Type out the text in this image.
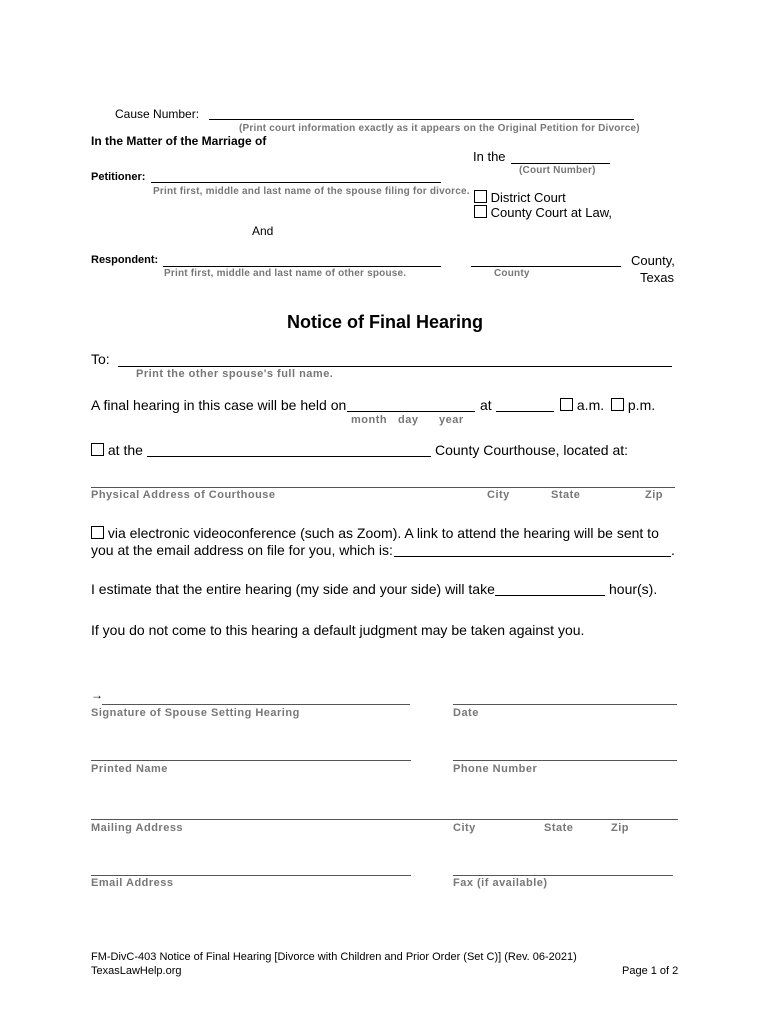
Cause Number:
(Print court information exactly as it appears on the Original Petition for Divorce)
In the Matter of the Marriage of
Petitioner:
Print first, middle and last name of the spouse filing for divorce.
And
Respondent:
Print first, middle and last name of other spouse.
In the
(Court Number)
District Court
County Court at Law,
County
County,
Texas
Notice of Final Hearing
To:
Print the other spouse's full name.
A final hearing in this case will be held on	at	a.m.	p.m.
month day year
at the	County Courthouse, located at:
Physical Address of Courthouse	City	State	Zip
via electronic videoconference (such as Zoom). A link to attend the hearing will be sent to
you at the email address on file for you, which is:	.
I estimate that the entire hearing (my side and your side) will take	hour(s).
If you do not come to this hearing a default judgment may be taken against you.
→
Signature of Spouse Setting Hearing	Date
Printed Name	Phone Number
Mailing Address	City	State	Zip
Email Address	Fax (if available)
FM-DivC-403 Notice of Final Hearing [Divorce with Children and Prior Order (Set C)] (Rev. 06-2021)
TexasLawHelp.org	Page 1 of 2
